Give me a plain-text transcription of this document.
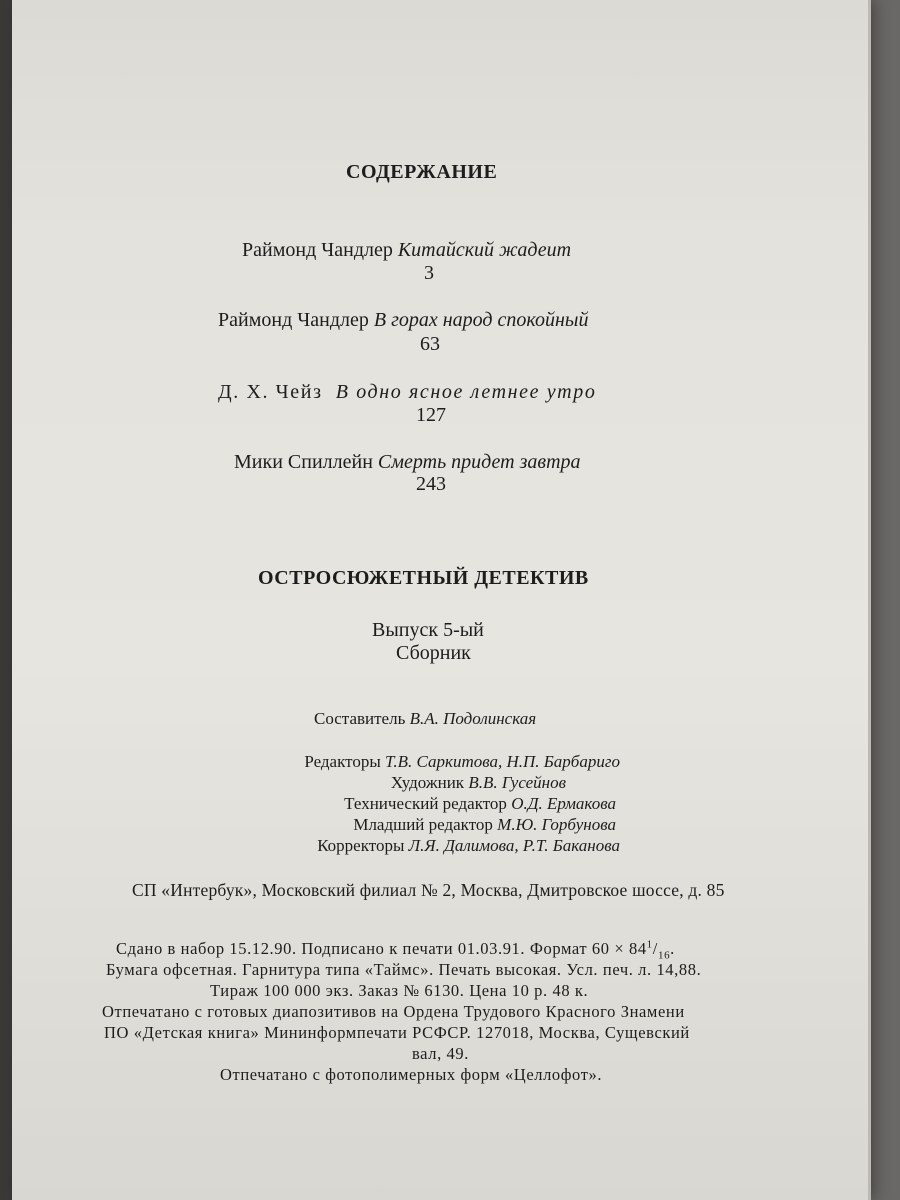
СОДЕРЖАНИЕ
Раймонд Чандлер Китайский жадеит
3
Раймонд Чандлер В горах народ спокойный
63
Д. Х. Чейз В одно ясное летнее утро
127
Мики Спиллейн Смерть придет завтра
243
ОСТРОСЮЖЕТНЫЙ ДЕТЕКТИВ
Выпуск 5-ый
Сборник
Составитель В.А. Подолинская
Редакторы Т.В. Саркитова, Н.П. Барбариго
Художник В.В. Гусейнов
Технический редактор О.Д. Ермакова
Младший редактор М.Ю. Горбунова
Корректоры Л.Я. Далимова, Р.Т. Баканова
СП «Интербук», Московский филиал № 2, Москва, Дмитровское шоссе, д. 85
Сдано в набор 15.12.90. Подписано к печати 01.03.91. Формат $60 \times 84^1/_{16}$.
Бумага офсетная. Гарнитура типа «Таймс». Печать высокая. Усл. печ. л. 14,88.
Тираж 100 000 экз. Заказ № 6130. Цена 10 р. 48 к.
Отпечатано с готовых диапозитивов на Ордена Трудового Красного Знамени
ПО «Детская книга» Мининформпечати РСФСР. 127018, Москва, Сущевский
вал, 49.
Отпечатано с фотополимерных форм «Целлофот».
